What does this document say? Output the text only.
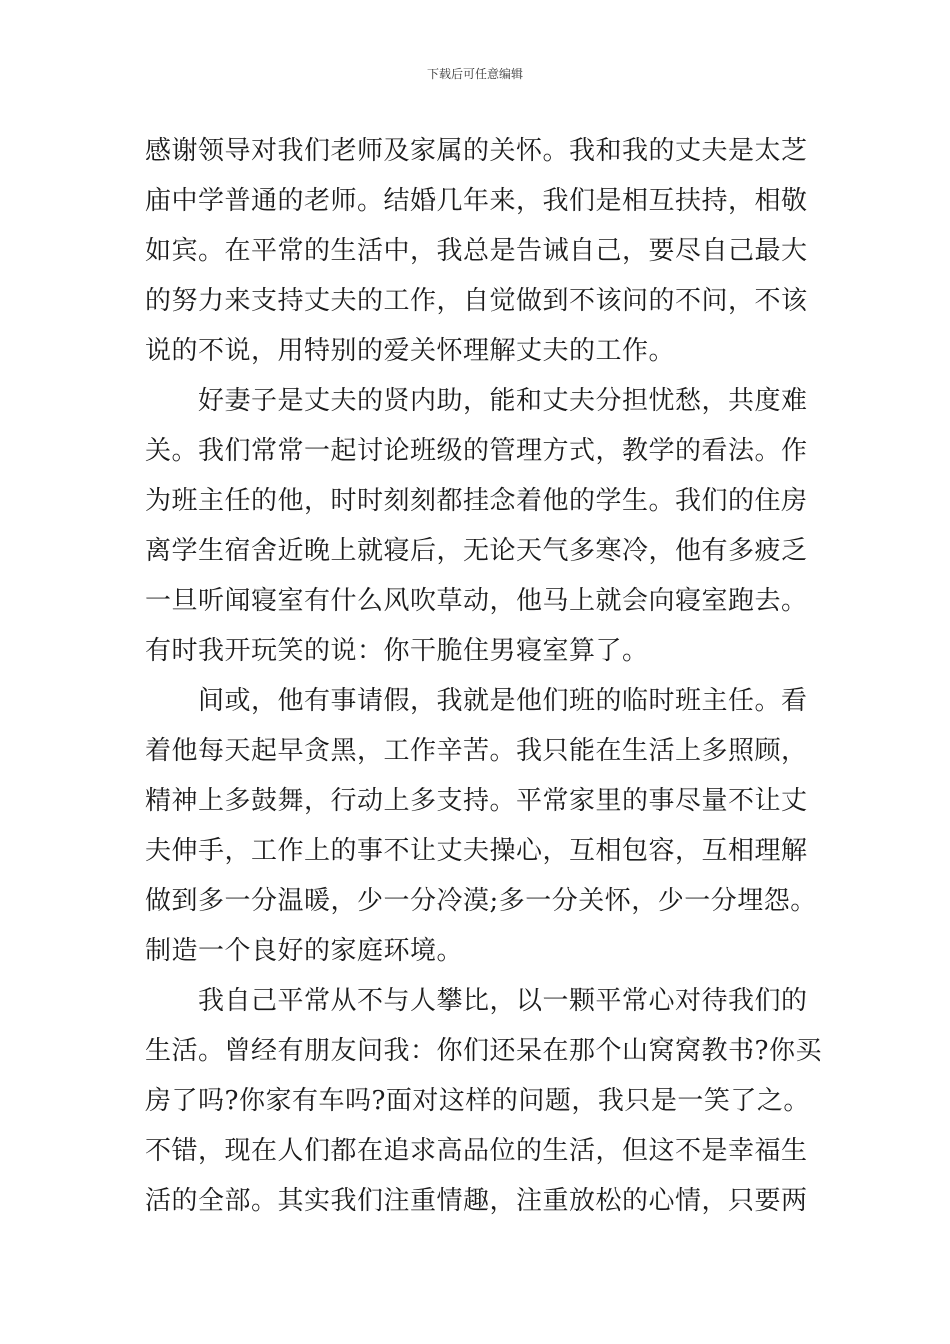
下载后可任意编辑
感谢领导对我们老师及家属的关怀。我和我的丈夫是太芝
庙中学普通的老师。结婚几年来，我们是相互扶持，相敬
如宾。在平常的生活中，我总是告诫自己，要尽自己最大
的努力来支持丈夫的工作，自觉做到不该问的不问，不该
说的不说，用特别的爱关怀理解丈夫的工作。
好妻子是丈夫的贤内助，能和丈夫分担忧愁，共度难
关。我们常常一起讨论班级的管理方式，教学的看法。作
为班主任的他，时时刻刻都挂念着他的学生。我们的住房
离学生宿舍近晚上就寝后，无论天气多寒冷，他有多疲乏
一旦听闻寝室有什么风吹草动，他马上就会向寝室跑去。
有时我开玩笑的说：你干脆住男寝室算了。
间或，他有事请假，我就是他们班的临时班主任。看
着他每天起早贪黑，工作辛苦。我只能在生活上多照顾，
精神上多鼓舞，行动上多支持。平常家里的事尽量不让丈
夫伸手，工作上的事不让丈夫操心，互相包容，互相理解
做到多一分温暖，少一分冷漠;多一分关怀，少一分埋怨。
制造一个良好的家庭环境。
我自己平常从不与人攀比，以一颗平常心对待我们的
生活。曾经有朋友问我：你们还呆在那个山窝窝教书?你买
房了吗?你家有车吗?面对这样的问题，我只是一笑了之。
不错，现在人们都在追求高品位的生活，但这不是幸福生
活的全部。其实我们注重情趣，注重放松的心情，只要两
